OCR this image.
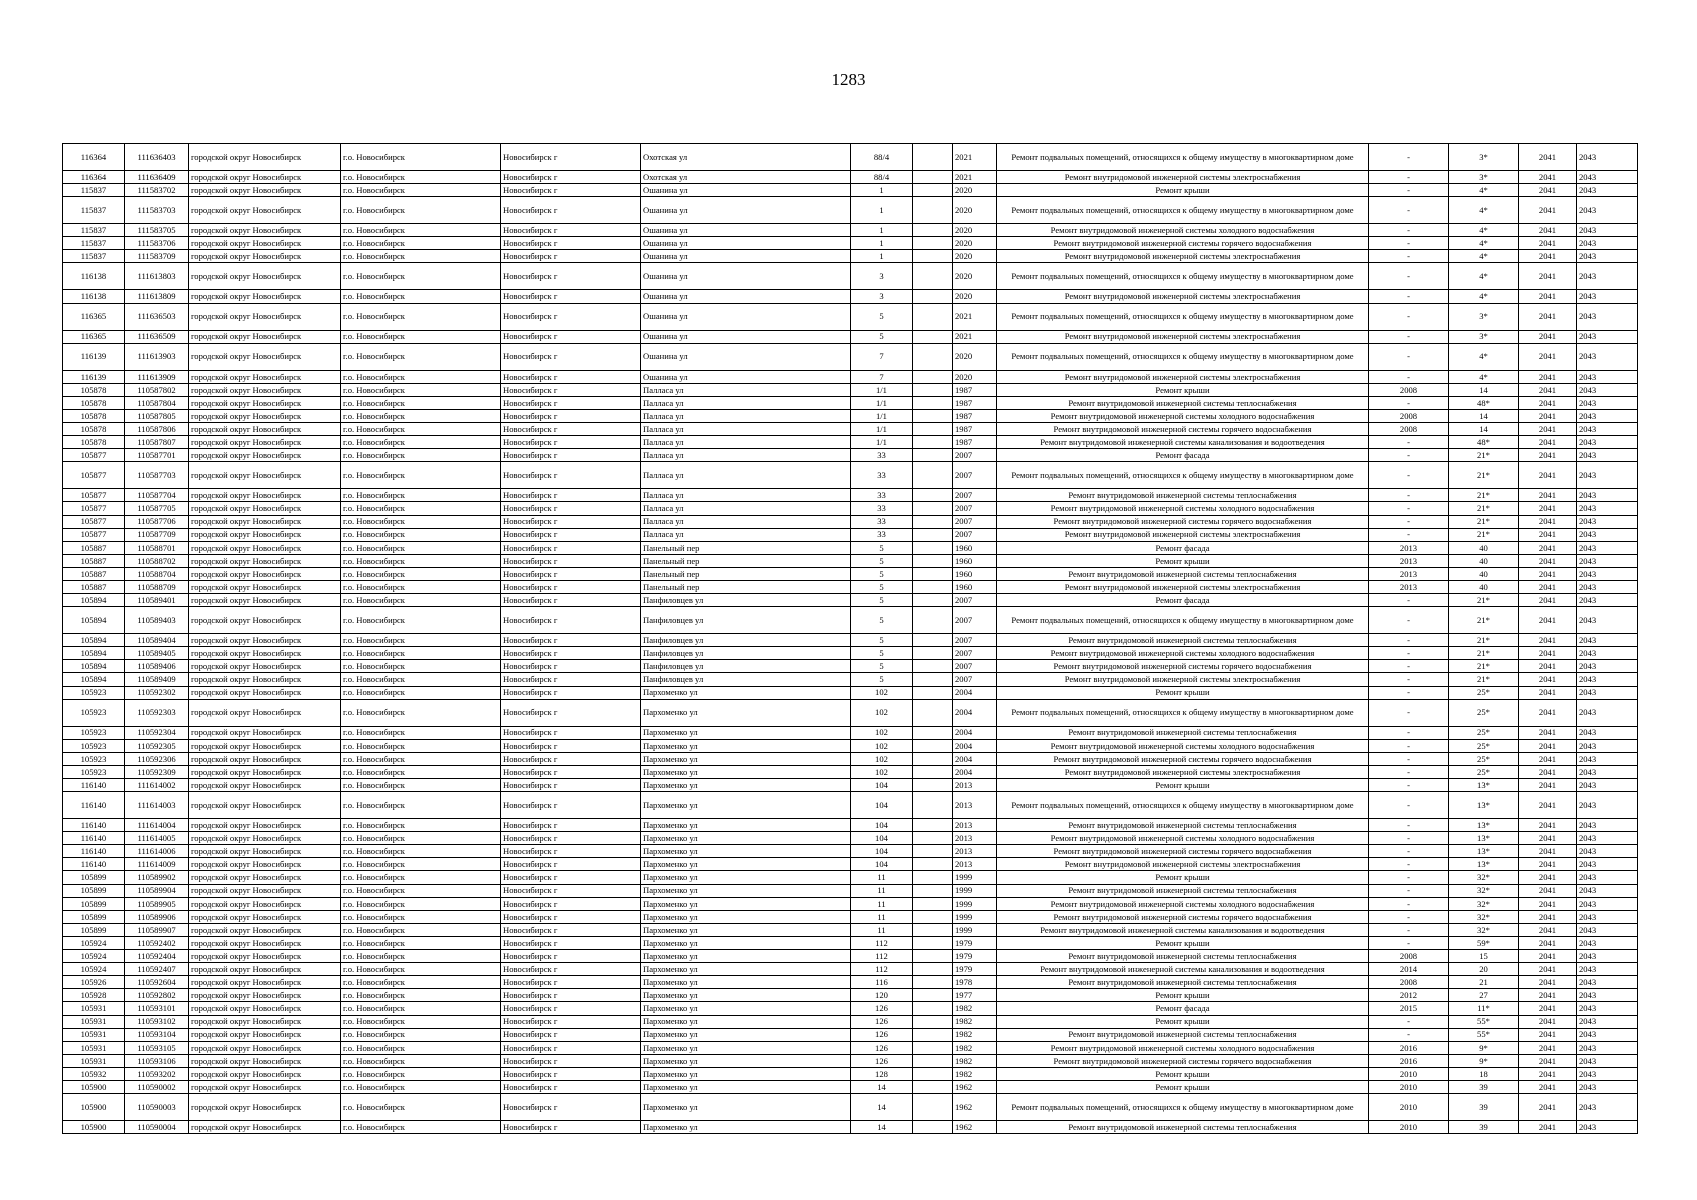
1283
116364	111636403	городской округ Новосибирск	г.о. Новосибирск	Новосибирск г	Охотская ул	88/4		2021	Ремонт подвальных помещений, относящихся к общему имуществу в многоквартирном доме	-	3*	2041	2043
116364	111636409	городской округ Новосибирск	г.о. Новосибирск	Новосибирск г	Охотская ул	88/4		2021	Ремонт внутридомовой инженерной системы электроснабжения	-	3*	2041	2043
115837	111583702	городской округ Новосибирск	г.о. Новосибирск	Новосибирск г	Ошанина ул	1		2020	Ремонт крыши	-	4*	2041	2043
115837	111583703	городской округ Новосибирск	г.о. Новосибирск	Новосибирск г	Ошанина ул	1		2020	Ремонт подвальных помещений, относящихся к общему имуществу в многоквартирном доме	-	4*	2041	2043
115837	111583705	городской округ Новосибирск	г.о. Новосибирск	Новосибирск г	Ошанина ул	1		2020	Ремонт внутридомовой инженерной системы холодного водоснабжения	-	4*	2041	2043
115837	111583706	городской округ Новосибирск	г.о. Новосибирск	Новосибирск г	Ошанина ул	1		2020	Ремонт внутридомовой инженерной системы горячего водоснабжения	-	4*	2041	2043
115837	111583709	городской округ Новосибирск	г.о. Новосибирск	Новосибирск г	Ошанина ул	1		2020	Ремонт внутридомовой инженерной системы электроснабжения	-	4*	2041	2043
116138	111613803	городской округ Новосибирск	г.о. Новосибирск	Новосибирск г	Ошанина ул	3		2020	Ремонт подвальных помещений, относящихся к общему имуществу в многоквартирном доме	-	4*	2041	2043
116138	111613809	городской округ Новосибирск	г.о. Новосибирск	Новосибирск г	Ошанина ул	3		2020	Ремонт внутридомовой инженерной системы электроснабжения	-	4*	2041	2043
116365	111636503	городской округ Новосибирск	г.о. Новосибирск	Новосибирск г	Ошанина ул	5		2021	Ремонт подвальных помещений, относящихся к общему имуществу в многоквартирном доме	-	3*	2041	2043
116365	111636509	городской округ Новосибирск	г.о. Новосибирск	Новосибирск г	Ошанина ул	5		2021	Ремонт внутридомовой инженерной системы электроснабжения	-	3*	2041	2043
116139	111613903	городской округ Новосибирск	г.о. Новосибирск	Новосибирск г	Ошанина ул	7		2020	Ремонт подвальных помещений, относящихся к общему имуществу в многоквартирном доме	-	4*	2041	2043
116139	111613909	городской округ Новосибирск	г.о. Новосибирск	Новосибирск г	Ошанина ул	7		2020	Ремонт внутридомовой инженерной системы электроснабжения	-	4*	2041	2043
105878	110587802	городской округ Новосибирск	г.о. Новосибирск	Новосибирск г	Палласа ул	1/1		1987	Ремонт крыши	2008	14	2041	2043
105878	110587804	городской округ Новосибирск	г.о. Новосибирск	Новосибирск г	Палласа ул	1/1		1987	Ремонт внутридомовой инженерной системы теплоснабжения	-	48*	2041	2043
105878	110587805	городской округ Новосибирск	г.о. Новосибирск	Новосибирск г	Палласа ул	1/1		1987	Ремонт внутридомовой инженерной системы холодного водоснабжения	2008	14	2041	2043
105878	110587806	городской округ Новосибирск	г.о. Новосибирск	Новосибирск г	Палласа ул	1/1		1987	Ремонт внутридомовой инженерной системы горячего водоснабжения	2008	14	2041	2043
105878	110587807	городской округ Новосибирск	г.о. Новосибирск	Новосибирск г	Палласа ул	1/1		1987	Ремонт внутридомовой инженерной системы канализования и водоотведения	-	48*	2041	2043
105877	110587701	городской округ Новосибирск	г.о. Новосибирск	Новосибирск г	Палласа ул	33		2007	Ремонт фасада	-	21*	2041	2043
105877	110587703	городской округ Новосибирск	г.о. Новосибирск	Новосибирск г	Палласа ул	33		2007	Ремонт подвальных помещений, относящихся к общему имуществу в многоквартирном доме	-	21*	2041	2043
105877	110587704	городской округ Новосибирск	г.о. Новосибирск	Новосибирск г	Палласа ул	33		2007	Ремонт внутридомовой инженерной системы теплоснабжения	-	21*	2041	2043
105877	110587705	городской округ Новосибирск	г.о. Новосибирск	Новосибирск г	Палласа ул	33		2007	Ремонт внутридомовой инженерной системы холодного водоснабжения	-	21*	2041	2043
105877	110587706	городской округ Новосибирск	г.о. Новосибирск	Новосибирск г	Палласа ул	33		2007	Ремонт внутридомовой инженерной системы горячего водоснабжения	-	21*	2041	2043
105877	110587709	городской округ Новосибирск	г.о. Новосибирск	Новосибирск г	Палласа ул	33		2007	Ремонт внутридомовой инженерной системы электроснабжения	-	21*	2041	2043
105887	110588701	городской округ Новосибирск	г.о. Новосибирск	Новосибирск г	Панельный пер	5		1960	Ремонт фасада	2013	40	2041	2043
105887	110588702	городской округ Новосибирск	г.о. Новосибирск	Новосибирск г	Панельный пер	5		1960	Ремонт крыши	2013	40	2041	2043
105887	110588704	городской округ Новосибирск	г.о. Новосибирск	Новосибирск г	Панельный пер	5		1960	Ремонт внутридомовой инженерной системы теплоснабжения	2013	40	2041	2043
105887	110588709	городской округ Новосибирск	г.о. Новосибирск	Новосибирск г	Панельный пер	5		1960	Ремонт внутридомовой инженерной системы электроснабжения	2013	40	2041	2043
105894	110589401	городской округ Новосибирск	г.о. Новосибирск	Новосибирск г	Панфиловцев ул	5		2007	Ремонт фасада	-	21*	2041	2043
105894	110589403	городской округ Новосибирск	г.о. Новосибирск	Новосибирск г	Панфиловцев ул	5		2007	Ремонт подвальных помещений, относящихся к общему имуществу в многоквартирном доме	-	21*	2041	2043
105894	110589404	городской округ Новосибирск	г.о. Новосибирск	Новосибирск г	Панфиловцев ул	5		2007	Ремонт внутридомовой инженерной системы теплоснабжения	-	21*	2041	2043
105894	110589405	городской округ Новосибирск	г.о. Новосибирск	Новосибирск г	Панфиловцев ул	5		2007	Ремонт внутридомовой инженерной системы холодного водоснабжения	-	21*	2041	2043
105894	110589406	городской округ Новосибирск	г.о. Новосибирск	Новосибирск г	Панфиловцев ул	5		2007	Ремонт внутридомовой инженерной системы горячего водоснабжения	-	21*	2041	2043
105894	110589409	городской округ Новосибирск	г.о. Новосибирск	Новосибирск г	Панфиловцев ул	5		2007	Ремонт внутридомовой инженерной системы электроснабжения	-	21*	2041	2043
105923	110592302	городской округ Новосибирск	г.о. Новосибирск	Новосибирск г	Пархоменко ул	102		2004	Ремонт крыши	-	25*	2041	2043
105923	110592303	городской округ Новосибирск	г.о. Новосибирск	Новосибирск г	Пархоменко ул	102		2004	Ремонт подвальных помещений, относящихся к общему имуществу в многоквартирном доме	-	25*	2041	2043
105923	110592304	городской округ Новосибирск	г.о. Новосибирск	Новосибирск г	Пархоменко ул	102		2004	Ремонт внутридомовой инженерной системы теплоснабжения	-	25*	2041	2043
105923	110592305	городской округ Новосибирск	г.о. Новосибирск	Новосибирск г	Пархоменко ул	102		2004	Ремонт внутридомовой инженерной системы холодного водоснабжения	-	25*	2041	2043
105923	110592306	городской округ Новосибирск	г.о. Новосибирск	Новосибирск г	Пархоменко ул	102		2004	Ремонт внутридомовой инженерной системы горячего водоснабжения	-	25*	2041	2043
105923	110592309	городской округ Новосибирск	г.о. Новосибирск	Новосибирск г	Пархоменко ул	102		2004	Ремонт внутридомовой инженерной системы электроснабжения	-	25*	2041	2043
116140	111614002	городской округ Новосибирск	г.о. Новосибирск	Новосибирск г	Пархоменко ул	104		2013	Ремонт крыши	-	13*	2041	2043
116140	111614003	городской округ Новосибирск	г.о. Новосибирск	Новосибирск г	Пархоменко ул	104		2013	Ремонт подвальных помещений, относящихся к общему имуществу в многоквартирном доме	-	13*	2041	2043
116140	111614004	городской округ Новосибирск	г.о. Новосибирск	Новосибирск г	Пархоменко ул	104		2013	Ремонт внутридомовой инженерной системы теплоснабжения	-	13*	2041	2043
116140	111614005	городской округ Новосибирск	г.о. Новосибирск	Новосибирск г	Пархоменко ул	104		2013	Ремонт внутридомовой инженерной системы холодного водоснабжения	-	13*	2041	2043
116140	111614006	городской округ Новосибирск	г.о. Новосибирск	Новосибирск г	Пархоменко ул	104		2013	Ремонт внутридомовой инженерной системы горячего водоснабжения	-	13*	2041	2043
116140	111614009	городской округ Новосибирск	г.о. Новосибирск	Новосибирск г	Пархоменко ул	104		2013	Ремонт внутридомовой инженерной системы электроснабжения	-	13*	2041	2043
105899	110589902	городской округ Новосибирск	г.о. Новосибирск	Новосибирск г	Пархоменко ул	11		1999	Ремонт крыши	-	32*	2041	2043
105899	110589904	городской округ Новосибирск	г.о. Новосибирск	Новосибирск г	Пархоменко ул	11		1999	Ремонт внутридомовой инженерной системы теплоснабжения	-	32*	2041	2043
105899	110589905	городской округ Новосибирск	г.о. Новосибирск	Новосибирск г	Пархоменко ул	11		1999	Ремонт внутридомовой инженерной системы холодного водоснабжения	-	32*	2041	2043
105899	110589906	городской округ Новосибирск	г.о. Новосибирск	Новосибирск г	Пархоменко ул	11		1999	Ремонт внутридомовой инженерной системы горячего водоснабжения	-	32*	2041	2043
105899	110589907	городской округ Новосибирск	г.о. Новосибирск	Новосибирск г	Пархоменко ул	11		1999	Ремонт внутридомовой инженерной системы канализования и водоотведения	-	32*	2041	2043
105924	110592402	городской округ Новосибирск	г.о. Новосибирск	Новосибирск г	Пархоменко ул	112		1979	Ремонт крыши	-	59*	2041	2043
105924	110592404	городской округ Новосибирск	г.о. Новосибирск	Новосибирск г	Пархоменко ул	112		1979	Ремонт внутридомовой инженерной системы теплоснабжения	2008	15	2041	2043
105924	110592407	городской округ Новосибирск	г.о. Новосибирск	Новосибирск г	Пархоменко ул	112		1979	Ремонт внутридомовой инженерной системы канализования и водоотведения	2014	20	2041	2043
105926	110592604	городской округ Новосибирск	г.о. Новосибирск	Новосибирск г	Пархоменко ул	116		1978	Ремонт внутридомовой инженерной системы теплоснабжения	2008	21	2041	2043
105928	110592802	городской округ Новосибирск	г.о. Новосибирск	Новосибирск г	Пархоменко ул	120		1977	Ремонт крыши	2012	27	2041	2043
105931	110593101	городской округ Новосибирск	г.о. Новосибирск	Новосибирск г	Пархоменко ул	126		1982	Ремонт фасада	2015	11*	2041	2043
105931	110593102	городской округ Новосибирск	г.о. Новосибирск	Новосибирск г	Пархоменко ул	126		1982	Ремонт крыши	-	55*	2041	2043
105931	110593104	городской округ Новосибирск	г.о. Новосибирск	Новосибирск г	Пархоменко ул	126		1982	Ремонт внутридомовой инженерной системы теплоснабжения	-	55*	2041	2043
105931	110593105	городской округ Новосибирск	г.о. Новосибирск	Новосибирск г	Пархоменко ул	126		1982	Ремонт внутридомовой инженерной системы холодного водоснабжения	2016	9*	2041	2043
105931	110593106	городской округ Новосибирск	г.о. Новосибирск	Новосибирск г	Пархоменко ул	126		1982	Ремонт внутридомовой инженерной системы горячего водоснабжения	2016	9*	2041	2043
105932	110593202	городской округ Новосибирск	г.о. Новосибирск	Новосибирск г	Пархоменко ул	128		1982	Ремонт крыши	2010	18	2041	2043
105900	110590002	городской округ Новосибирск	г.о. Новосибирск	Новосибирск г	Пархоменко ул	14		1962	Ремонт крыши	2010	39	2041	2043
105900	110590003	городской округ Новосибирск	г.о. Новосибирск	Новосибирск г	Пархоменко ул	14		1962	Ремонт подвальных помещений, относящихся к общему имуществу в многоквартирном доме	2010	39	2041	2043
105900	110590004	городской округ Новосибирск	г.о. Новосибирск	Новосибирск г	Пархоменко ул	14		1962	Ремонт внутридомовой инженерной системы теплоснабжения	2010	39	2041	2043
